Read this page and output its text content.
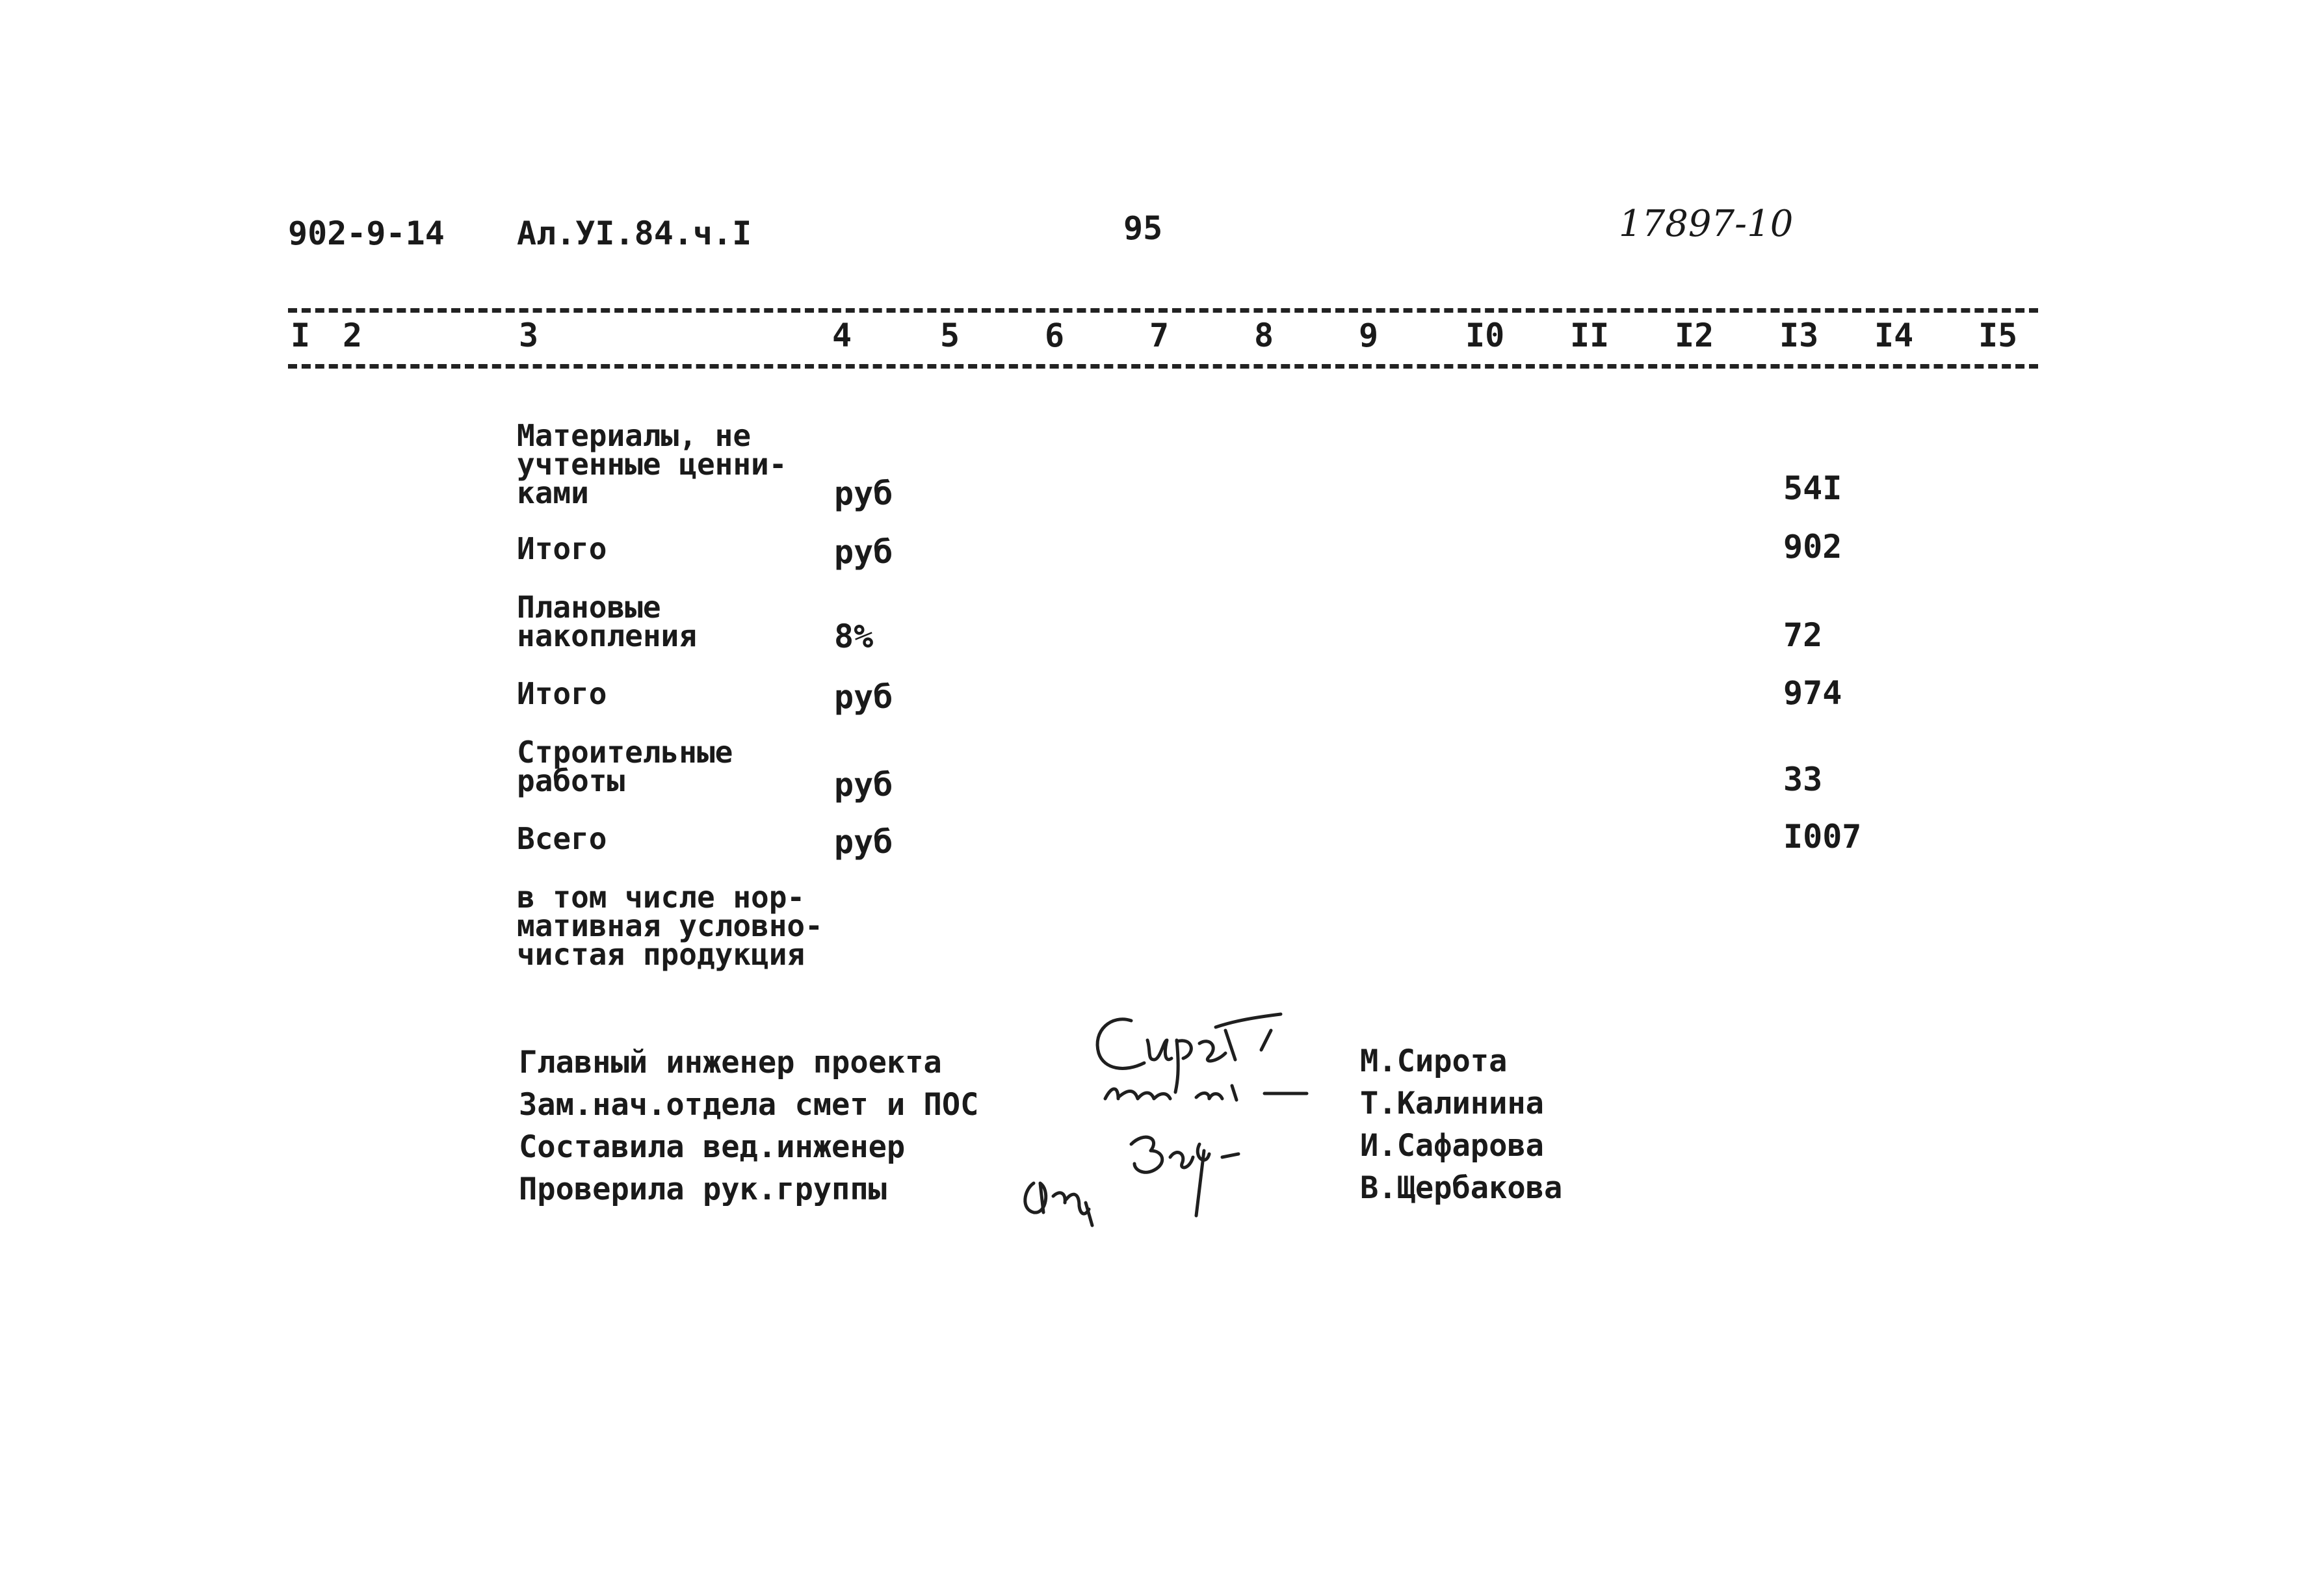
902-9-14 Ал.УI.84.ч.I	95	17897-10
I 2	3	4	5	6	7	8	9	I0 II I2 I3 I4 I5
Материалы, не
учтенные ценни-
ками	руб	54I
Итого	руб	902
Плановые
накопления	8%	72
Итого	руб	974
Строительные
работы	руб	33
Всего	руб	I007
в том числе нор-
мативная условно-
чистая продукция
Главный инженер проекта	М.Сирота
Зам.нач.отдела смет и ПОС	Т.Калинина
Составила вед.инженер	И.Сафарова
Проверила рук.группы	В.Щербакова
